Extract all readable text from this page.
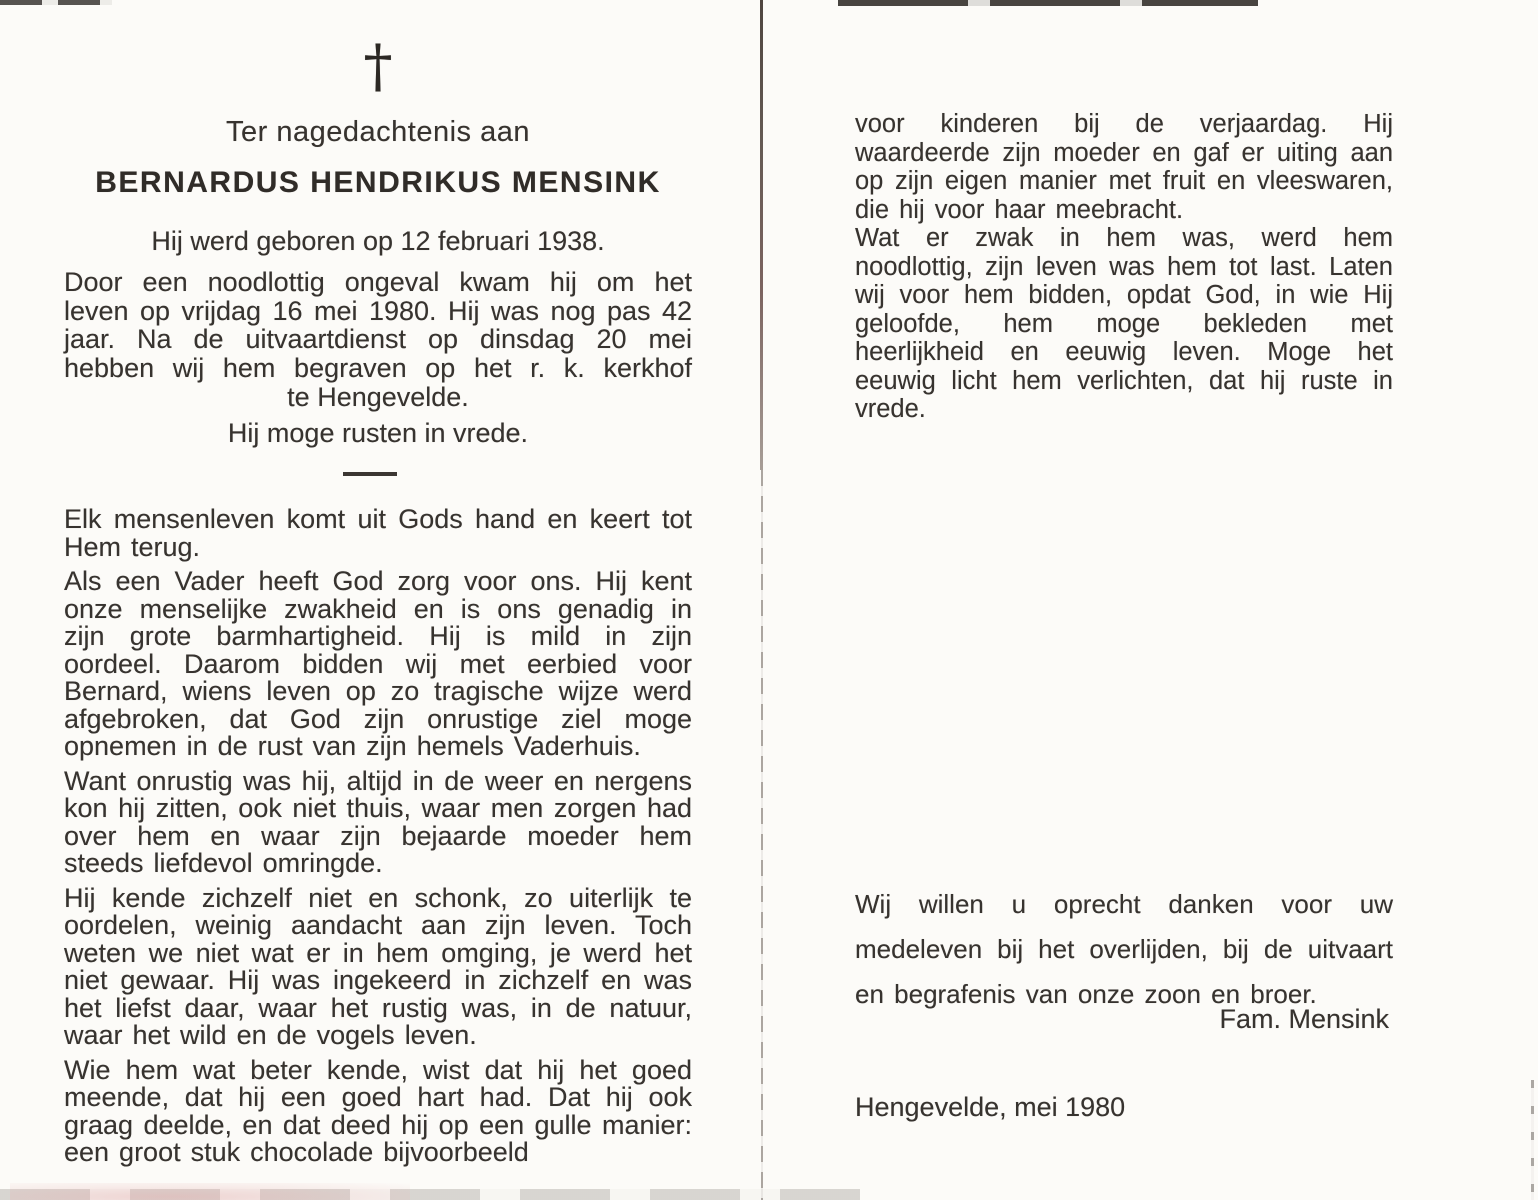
†
Ter nagedachtenis aan
BERNARDUS HENDRIKUS MENSINK
Hij werd geboren op 12 februari 1938.

Door een noodlottig ongeval kwam hij om het leven op vrijdag 16 mei 1980. Hij was nog pas 42 jaar. Na de uitvaartdienst op dinsdag 20 mei hebben wij hem begraven op het r. k. kerkhof

te Hengevelde.
Hij moge rusten in vrede.

Elk mensenleven komt uit Gods hand en keert tot Hem terug.

Als een Vader heeft God zorg voor ons. Hij kent onze menselijke zwakheid en is ons genadig in zijn grote barmhartigheid. Hij is mild in zijn oordeel. Daarom bidden wij met eerbied voor Bernard, wiens leven op zo tragische wijze werd afgebroken, dat God zijn onrustige ziel moge opnemen in de rust van zijn hemels Vaderhuis.

Want onrustig was hij, altijd in de weer en nergens kon hij zitten, ook niet thuis, waar men zorgen had over hem en waar zijn bejaarde moeder hem steeds liefdevol omringde.

Hij kende zichzelf niet en schonk, zo uiterlijk te oordelen, weinig aandacht aan zijn leven. Toch weten we niet wat er in hem omging, je werd het niet gewaar. Hij was ingekeerd in zichzelf en was het liefst daar, waar het rustig was, in de natuur, waar het wild en de vogels leven.

Wie hem wat beter kende, wist dat hij het goed meende, dat hij een goed hart had. Dat hij ook graag deelde, en dat deed hij op een gulle manier: een groot stuk chocolade bijvoorbeeld

voor kinderen bij de verjaardag. Hij waardeerde zijn moeder en gaf er uiting aan op zijn eigen manier met fruit en vleeswaren, die hij voor haar meebracht.

Wat er zwak in hem was, werd hem noodlottig, zijn leven was hem tot last. Laten wij voor hem bidden, opdat God, in wie Hij geloofde, hem moge bekleden met heerlijkheid en eeuwig leven. Moge het eeuwig licht hem verlichten, dat hij ruste in vrede.

Wij willen u oprecht danken voor uw medeleven bij het overlijden, bij de uitvaart en begrafenis van onze zoon en broer.

Fam. Mensink
Hengevelde, mei 1980
